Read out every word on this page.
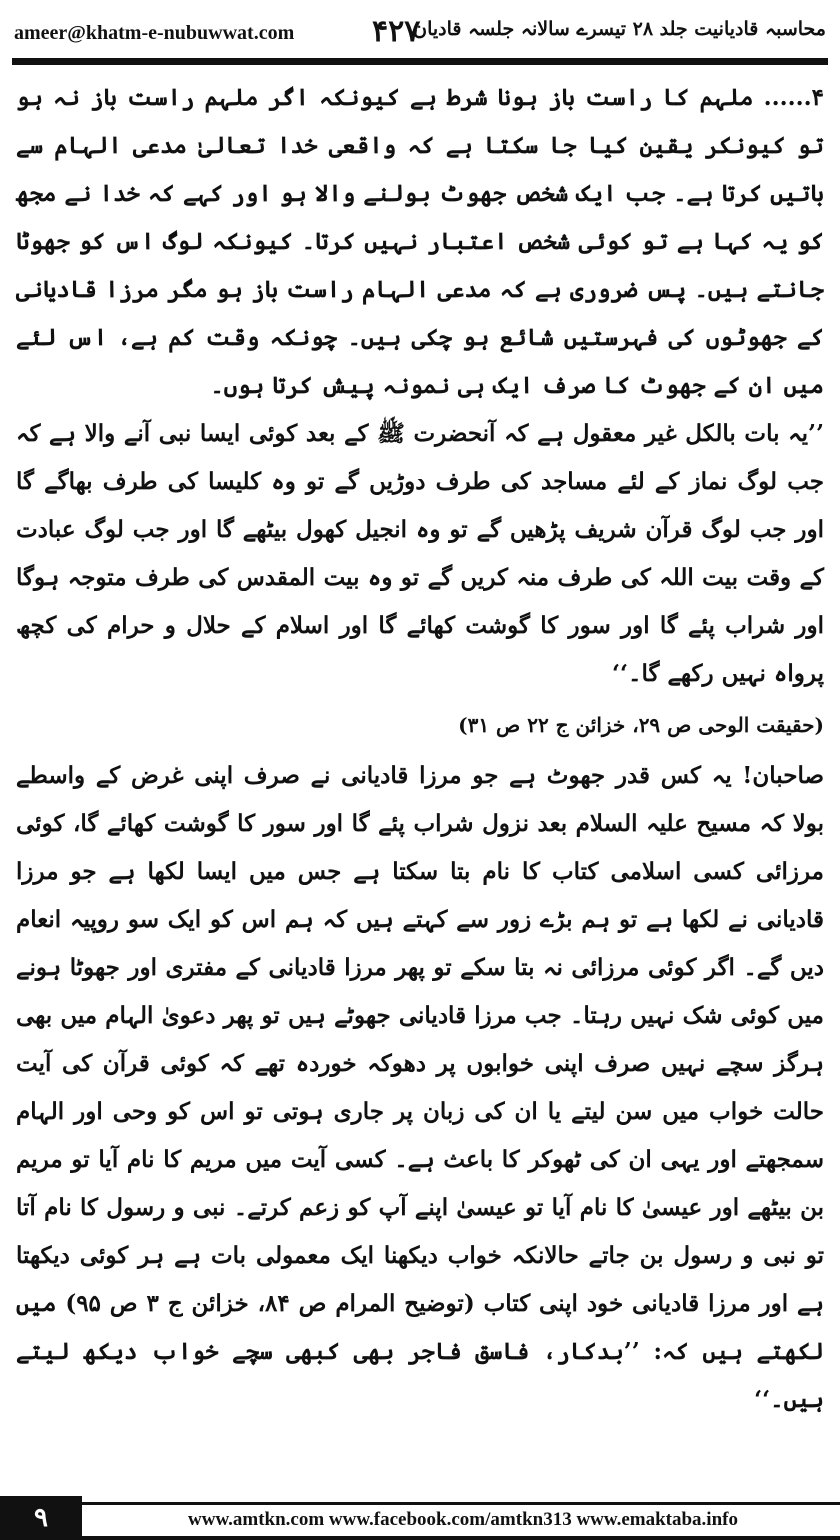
ameer@khatm-e-nubuwwat.com	۴۲۷
محاسبہ قادیانیت جلد ۲۸ تیسرے سالانہ جلسہ قادیان

۴...... ملہم کا راست باز ہونا شرط ہے کیونکہ اگر ملہم راست باز نہ ہو تو کیونکر یقین کیا جا سکتا ہے کہ واقعی خدا تعالیٰ مدعی الہام سے باتیں کرتا ہے۔ جب ایک شخص جھوٹ بولنے والا ہو اور کہے کہ خدا نے مجھ کو یہ کہا ہے تو کوئی شخص اعتبار نہیں کرتا۔ کیونکہ لوگ اس کو جھوٹا جانتے ہیں۔ پس ضروری ہے کہ مدعی الہام راست باز ہو مگر مرزا قادیانی کے جھوٹوں کی فہرستیں شائع ہو چکی ہیں۔ چونکہ وقت کم ہے، اس لئے میں ان کے جھوٹ کا صرف ایک ہی نمونہ پیش کرتا ہوں۔

’’یہ بات بالکل غیر معقول ہے کہ آنحضرت ﷺ کے بعد کوئی ایسا نبی آنے والا ہے کہ جب لوگ نماز کے لئے مساجد کی طرف دوڑیں گے تو وہ کلیسا کی طرف بھاگے گا اور جب لوگ قرآن شریف پڑھیں گے تو وہ انجیل کھول بیٹھے گا اور جب لوگ عبادت کے وقت بیت اللہ کی طرف منہ کریں گے تو وہ بیت المقدس کی طرف متوجہ ہوگا اور شراب پئے گا اور سور کا گوشت کھائے گا اور اسلام کے حلال و حرام کی کچھ پرواہ نہیں رکھے گا۔‘‘

(حقیقت الوحی ص ۲۹، خزائن ج ۲۲ ص ۳۱)

صاحبان! یہ کس قدر جھوٹ ہے جو مرزا قادیانی نے صرف اپنی غرض کے واسطے بولا کہ مسیح علیہ السلام بعد نزول شراب پئے گا اور سور کا گوشت کھائے گا، کوئی مرزائی کسی اسلامی کتاب کا نام بتا سکتا ہے جس میں ایسا لکھا ہے جو مرزا قادیانی نے لکھا ہے تو ہم بڑے زور سے کہتے ہیں کہ ہم اس کو ایک سو روپیہ انعام دیں گے۔ اگر کوئی مرزائی نہ بتا سکے تو پھر مرزا قادیانی کے مفتری اور جھوٹا ہونے میں کوئی شک نہیں رہتا۔ جب مرزا قادیانی جھوٹے ہیں تو پھر دعویٰ الہام میں بھی ہرگز سچے نہیں صرف اپنی خوابوں پر دھوکہ خوردہ تھے کہ کوئی قرآن کی آیت حالت خواب میں سن لیتے یا ان کی زبان پر جاری ہوتی تو اس کو وحی اور الہام سمجھتے اور یہی ان کی ٹھوکر کا باعث ہے۔ کسی آیت میں مریم کا نام آیا تو مریم بن بیٹھے اور عیسیٰ کا نام آیا تو عیسیٰ اپنے آپ کو زعم کرتے۔ نبی و رسول کا نام آتا تو نبی و رسول بن جاتے حالانکہ خواب دیکھنا ایک معمولی بات ہے ہر کوئی دیکھتا ہے اور مرزا قادیانی خود اپنی کتاب (توضیح المرام ص ۸۴، خزائن ج ۳ ص ۹۵) میں لکھتے ہیں کہ: ’’بدکار، فاسق فاجر بھی کبھی سچے خواب دیکھ لیتے ہیں۔‘‘

۹	www.amtkn.com www.facebook.com/amtkn313 www.emaktaba.info
